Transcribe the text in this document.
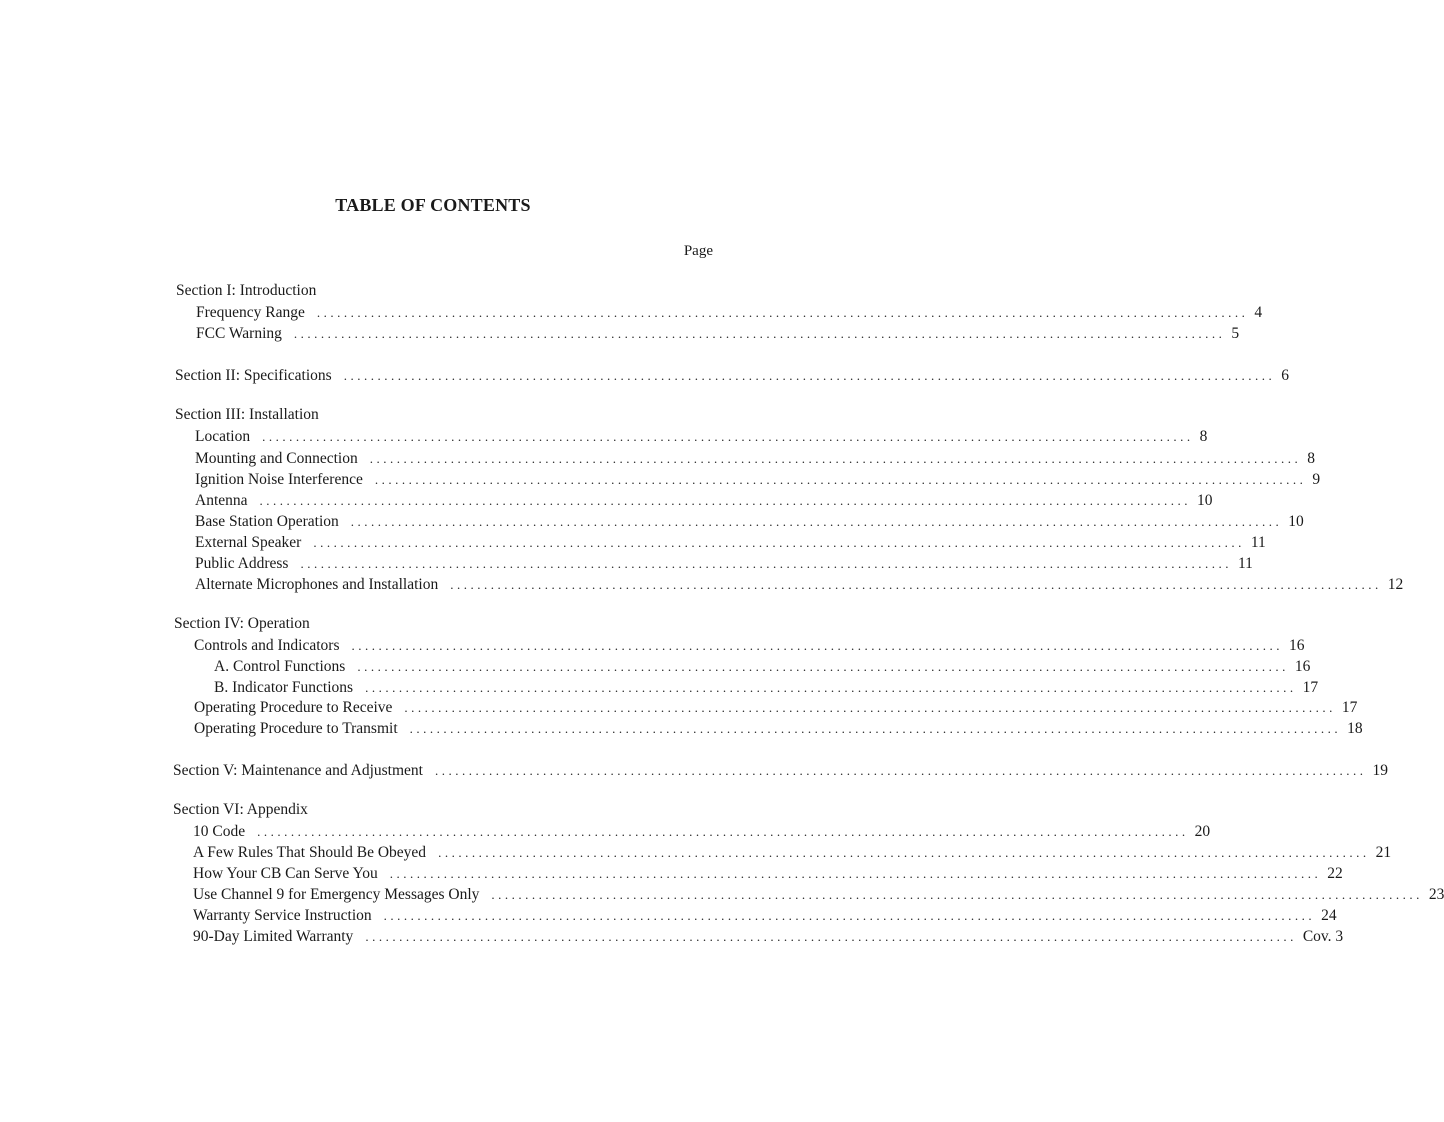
TABLE OF CONTENTS
Page
Section I: Introduction
Frequency Range .......................................................................................................................................... 4
FCC Warning .......................................................................................................................................... 5
Section II: Specifications .......................................................................................................................................... 6
Section III: Installation
Location .......................................................................................................................................... 8
Mounting and Connection .......................................................................................................................................... 8
Ignition Noise Interference .......................................................................................................................................... 9
Antenna .......................................................................................................................................... 10
Base Station Operation .......................................................................................................................................... 10
External Speaker .......................................................................................................................................... 11
Public Address .......................................................................................................................................... 11
Alternate Microphones and Installation .......................................................................................................................................... 12
Section IV: Operation
Controls and Indicators .......................................................................................................................................... 16
A. Control Functions .......................................................................................................................................... 16
B. Indicator Functions .......................................................................................................................................... 17
Operating Procedure to Receive .......................................................................................................................................... 17
Operating Procedure to Transmit .......................................................................................................................................... 18
Section V: Maintenance and Adjustment .......................................................................................................................................... 19
Section VI: Appendix
10 Code .......................................................................................................................................... 20
A Few Rules That Should Be Obeyed .......................................................................................................................................... 21
How Your CB Can Serve You .......................................................................................................................................... 22
Use Channel 9 for Emergency Messages Only .......................................................................................................................................... 23
Warranty Service Instruction .......................................................................................................................................... 24
90-Day Limited Warranty .......................................................................................................................................... Cov. 3
